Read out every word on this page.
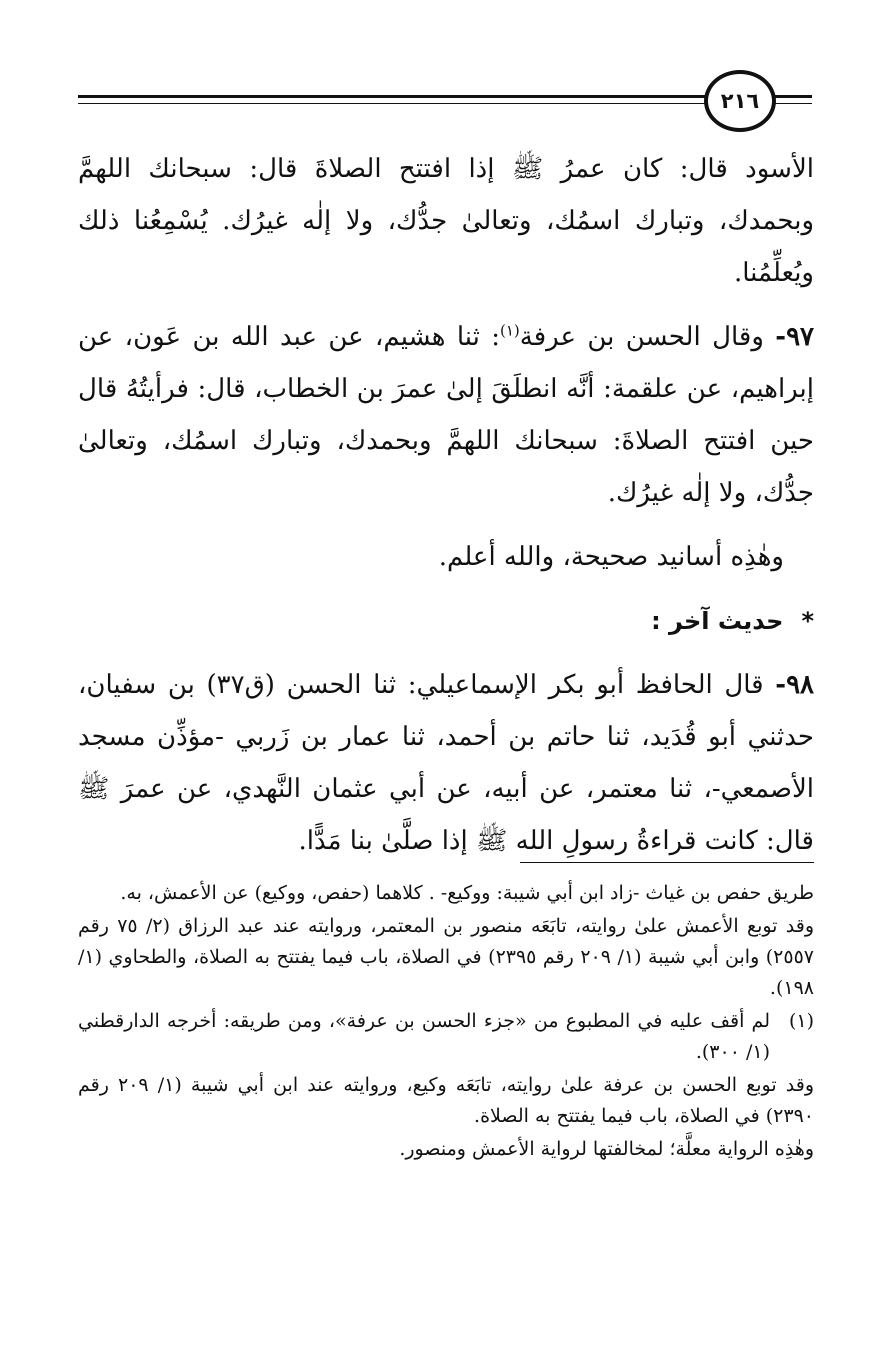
٢١٦

الأسود قال: كان عمرُ ﷺ إذا افتتح الصلاةَ قال: سبحانك اللهمَّ وبحمدك، وتبارك اسمُك، وتعالىٰ جدُّك، ولا إلٰه غيرُك. يُسْمِعُنا ذلك ويُعلِّمُنا.

٩٧- وقال الحسن بن عرفة$^{(١)}$: ثنا هشيم، عن عبد الله بن عَون، عن إبراهيم، عن علقمة: أنَّه انطلَقَ إلىٰ عمرَ بن الخطاب، قال: فرأيتُهُ قال حين افتتح الصلاةَ: سبحانك اللهمَّ وبحمدك، وتبارك اسمُك، وتعالىٰ جدُّك، ولا إلٰه غيرُك.

وهٰذِه أسانيد صحيحة، والله أعلم.

*حديث آخر :

٩٨- قال الحافظ أبو بكر الإسماعيلي: ثنا الحسن (ق٣٧) بن سفيان، حدثني أبو قُدَيد، ثنا حاتم بن أحمد، ثنا عمار بن زَربي -مؤذِّن مسجد الأصمعي-، ثنا معتمر، عن أبيه، عن أبي عثمان النَّهدي، عن عمرَ ﷺ قال: كانت قراءةُ رسولِ الله ﷺ إذا صلَّىٰ بنا مَدًّا.

طريق حفص بن غياث -زاد ابن أبي شيبة: ووكيع- . كلاهما (حفص، ووكيع) عن الأعمش، به.

وقد توبع الأعمش علىٰ روايته، تابَعَه منصور بن المعتمر، وروايته عند عبد الرزاق (٢/ ٧٥ رقم ٢٥٥٧) وابن أبي شيبة (١/ ٢٠٩ رقم ٢٣٩٥) في الصلاة، باب فيما يفتتح به الصلاة، والطحاوي (١/ ١٩٨).

(١)
لم أقف عليه في المطبوع من «جزء الحسن بن عرفة»، ومن طريقه: أخرجه الدارقطني (١/ ٣٠٠).

وقد توبع الحسن بن عرفة علىٰ روايته، تابَعَه وكيع، وروايته عند ابن أبي شيبة (١/ ٢٠٩ رقم ٢٣٩٠) في الصلاة، باب فيما يفتتح به الصلاة.

وهٰذِه الرواية معلَّة؛ لمخالفتها لرواية الأعمش ومنصور.
